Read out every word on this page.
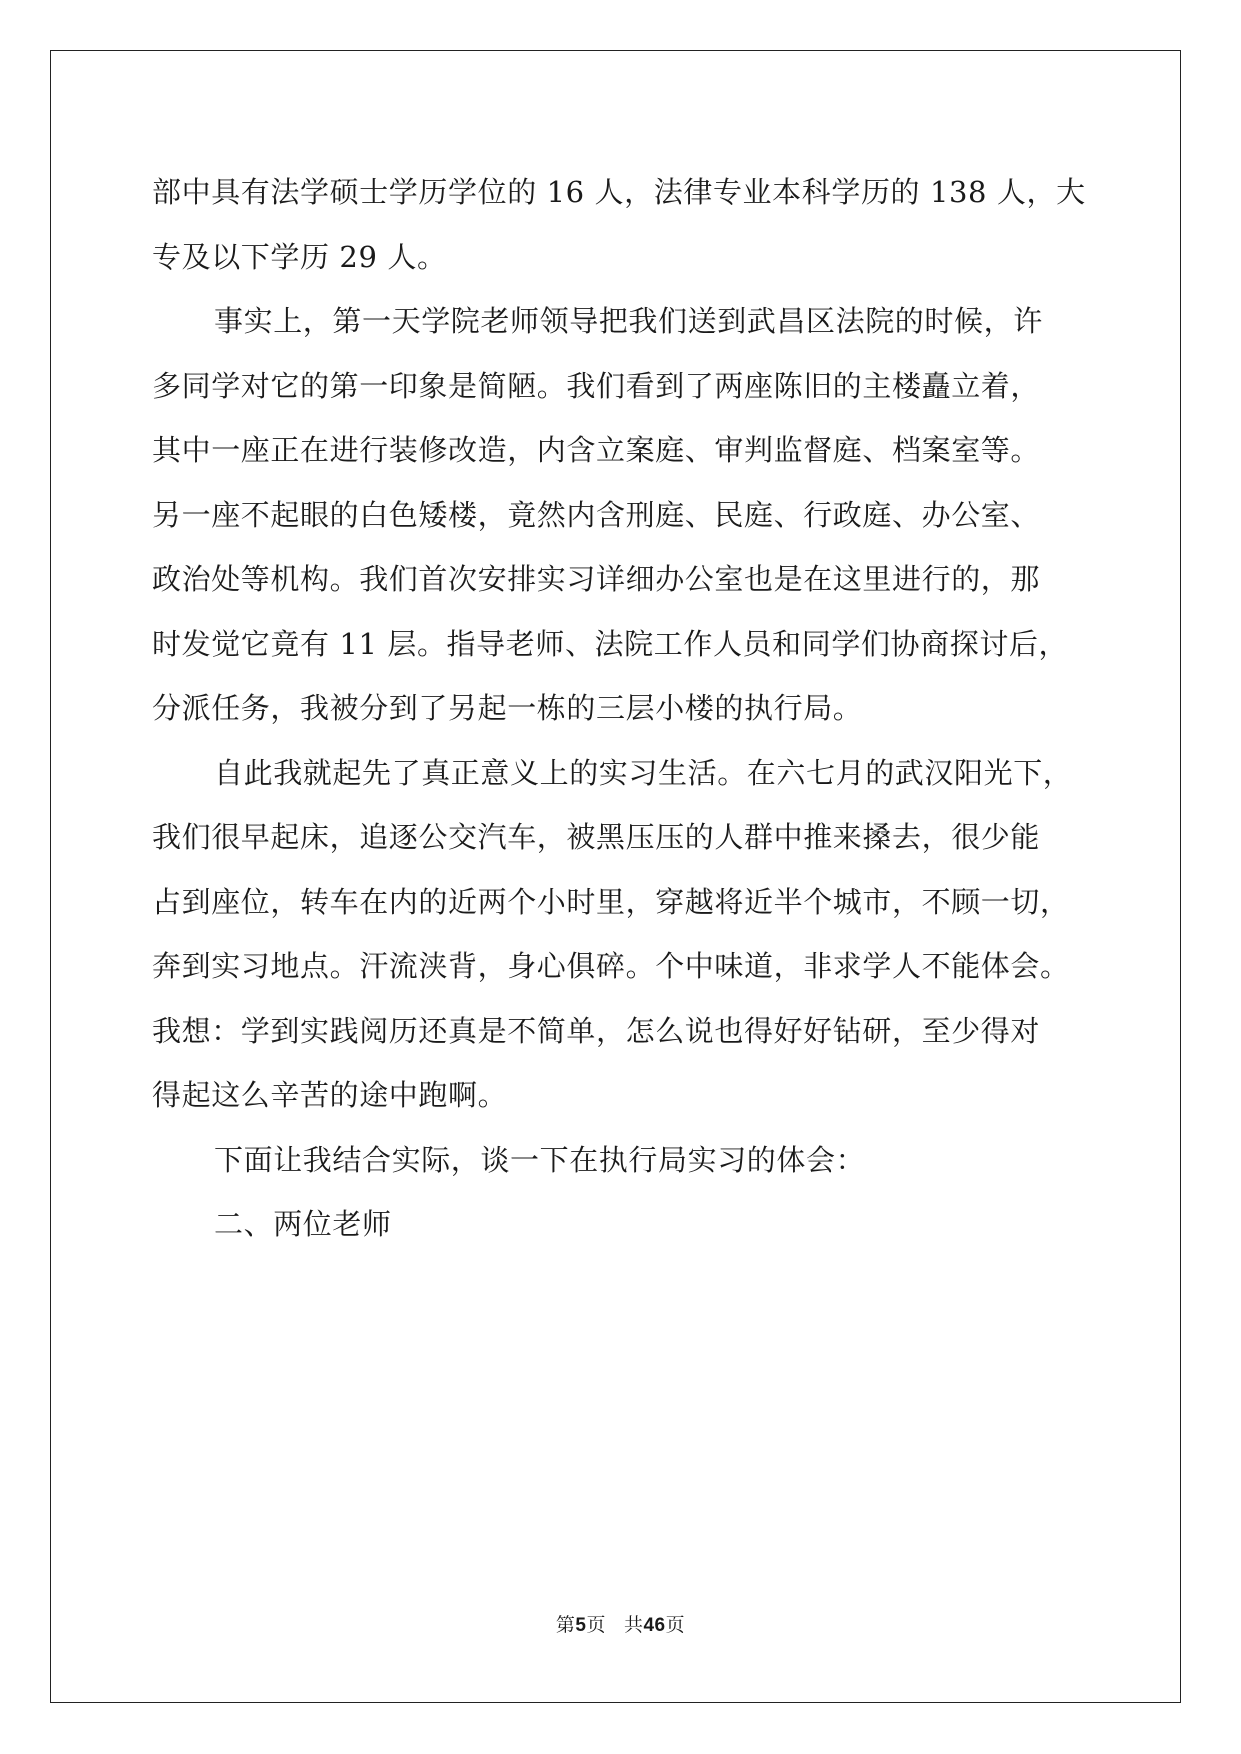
部中具有法学硕士学历学位的 16 人，法律专业本科学历的 138 人，大
专及以下学历 29 人。
事实上，第一天学院老师领导把我们送到武昌区法院的时候，许
多同学对它的第一印象是简陋。我们看到了两座陈旧的主楼矗立着，
其中一座正在进行装修改造，内含立案庭、审判监督庭、档案室等。
另一座不起眼的白色矮楼，竟然内含刑庭、民庭、行政庭、办公室、
政治处等机构。我们首次安排实习详细办公室也是在这里进行的，那
时发觉它竟有 11 层。指导老师、法院工作人员和同学们协商探讨后，
分派任务，我被分到了另起一栋的三层小楼的执行局。
自此我就起先了真正意义上的实习生活。在六七月的武汉阳光下，
我们很早起床，追逐公交汽车，被黑压压的人群中推来搡去，很少能
占到座位，转车在内的近两个小时里，穿越将近半个城市，不顾一切，
奔到实习地点。汗流浃背，身心俱碎。个中味道，非求学人不能体会。
我想：学到实践阅历还真是不简单，怎么说也得好好钻研，至少得对
得起这么辛苦的途中跑啊。
下面让我结合实际，谈一下在执行局实习的体会：
二、两位老师

第5页 共46页
